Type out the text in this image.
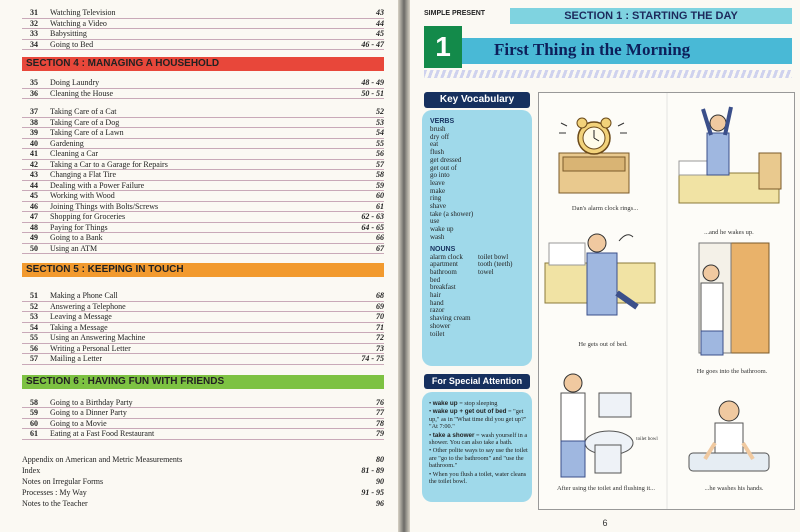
31	Watching Television	43
32	Watching a Video	44
33	Babysitting	45
34	Going to Bed	46 - 47
SECTION 4 : MANAGING A HOUSEHOLD
35	Doing Laundry	48 - 49
36	Cleaning the House	50 - 51
37	Taking Care of a Cat	52
38	Taking Care of a Dog	53
39	Taking Care of a Lawn	54
40	Gardening	55
41	Cleaning a Car	56
42	Taking a Car to a Garage for Repairs	57
43	Changing a Flat Tire	58
44	Dealing with a Power Failure	59
45	Working with Wood	60
46	Joining Things with Bolts/Screws	61
47	Shopping for Groceries	62 - 63
48	Paying for Things	64 - 65
49	Going to a Bank	66
50	Using an ATM	67
SECTION 5 : KEEPING IN TOUCH
51	Making a Phone Call	68
52	Answering a Telephone	69
53	Leaving a Message	70
54	Taking a Message	71
55	Using an Answering Machine	72
56	Writing a Personal Letter	73
57	Mailing a Letter	74 - 75
SECTION 6 : HAVING FUN WITH FRIENDS
58	Going to a Birthday Party	76
59	Going to a Dinner Party	77
60	Going to a Movie	78
61	Eating at a Fast Food Restaurant	79
Appendix on American and Metric Measurements	80
Index	81 - 89
Notes on Irregular Forms	90
Processes : My Way	91 - 95
Notes to the Teacher	96
SIMPLE PRESENT	SECTION 1 : STARTING THE DAY
1	First Thing in the Morning
Key Vocabulary
VERBS
brush
dry off
eat
flush
get dressed
get out of
go into
leave
make
ring
shave
take (a shower)
use
wake up
wash
NOUNS
alarm clock
apartment
bathroom
bed
breakfast
hair
hand
razor
shaving cream
shower
toilet
toilet bowl
tooth (teeth)
towel
For Special Attention
• wake up = stop sleeping
• wake up + get out of bed = "get up," as in "What time did you get up?" "At 7:00."
• take a shower = wash yourself in a shower. You can also take a bath.
• Other polite ways to say use the toilet are "go to the bathroom" and "use the bathroom."
• When you flush a toilet, water cleans the toilet bowl.
Dan's alarm clock rings...
...and he wakes up.
He gets out of bed.
He goes into the bathroom.
toilet bowl
After using the toilet and flushing it...	...he washes his hands.
6
